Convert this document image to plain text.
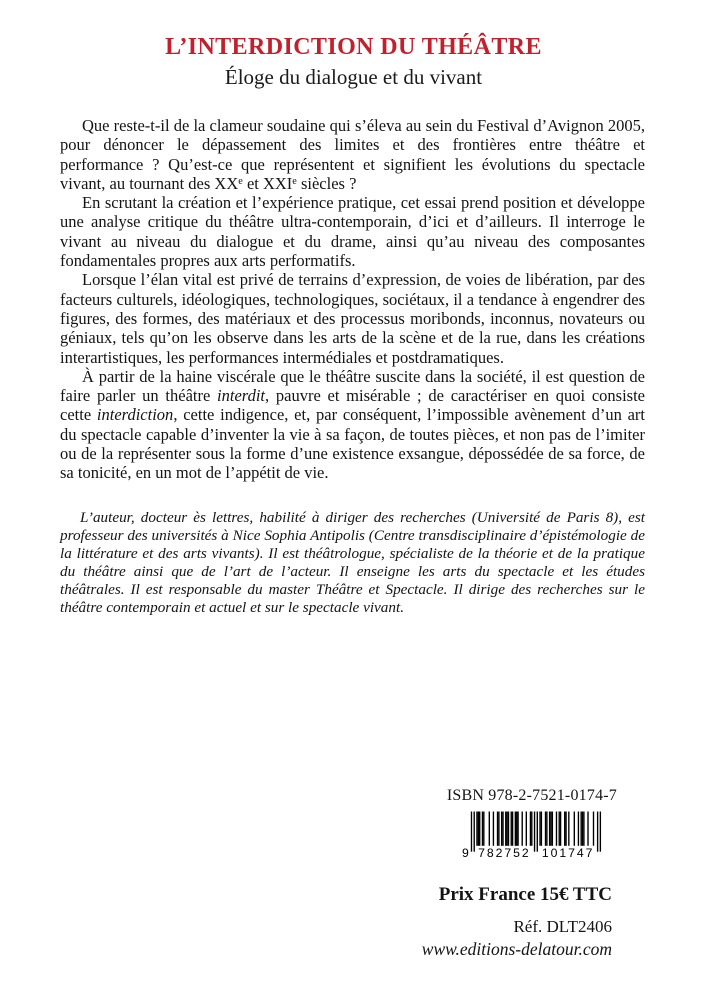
L’INTERDICTION DU THÉÂTRE
Éloge du dialogue et du vivant

Que reste-t-il de la clameur soudaine qui s’éleva au sein du Festival d’Avignon 2005, pour dénoncer le dépassement des limites et des frontières entre théâtre et performance ? Qu’est-ce que représentent et signifient les évolutions du spectacle vivant, au tournant des XXe et XXIe siècles ?

En scrutant la création et l’expérience pratique, cet essai prend position et développe une analyse critique du théâtre ultra-contemporain, d’ici et d’ailleurs. Il interroge le vivant au niveau du dialogue et du drame, ainsi qu’au niveau des composantes fondamentales propres aux arts performatifs.

Lorsque l’élan vital est privé de terrains d’expression, de voies de libération, par des facteurs culturels, idéologiques, technologiques, sociétaux, il a tendance à engendrer des figures, des formes, des matériaux et des processus moribonds, inconnus, novateurs ou géniaux, tels qu’on les observe dans les arts de la scène et de la rue, dans les créations interartistiques, les performances intermédiales et postdramatiques.

À partir de la haine viscérale que le théâtre suscite dans la société, il est question de faire parler un théâtre interdit, pauvre et misérable ; de caractériser en quoi consiste cette interdiction, cette indigence, et, par conséquent, l’impossible avènement d’un art du spectacle capable d’inventer la vie à sa façon, de toutes pièces, et non pas de l’imiter ou de la représenter sous la forme d’une existence exsangue, dépossédée de sa force, de sa tonicité, en un mot de l’appétit de vie.

L’auteur, docteur ès lettres, habilité à diriger des recherches (Université de Paris 8), est professeur des universités à Nice Sophia Antipolis (Centre transdisciplinaire d’épistémologie de la littérature et des arts vivants). Il est théâtrologue, spécialiste de la théorie et de la pratique du théâtre ainsi que de l’art de l’acteur. Il enseigne les arts du spectacle et les études théâtrales. Il est responsable du master Théâtre et Spectacle. Il dirige des recherches sur le théâtre contemporain et actuel et sur le spectacle vivant.
ISBN 978-2-7521-0174-7
9 782752 101747

Prix France 15€ TTC

Réf. DLT2406

www.editions-delatour.com
